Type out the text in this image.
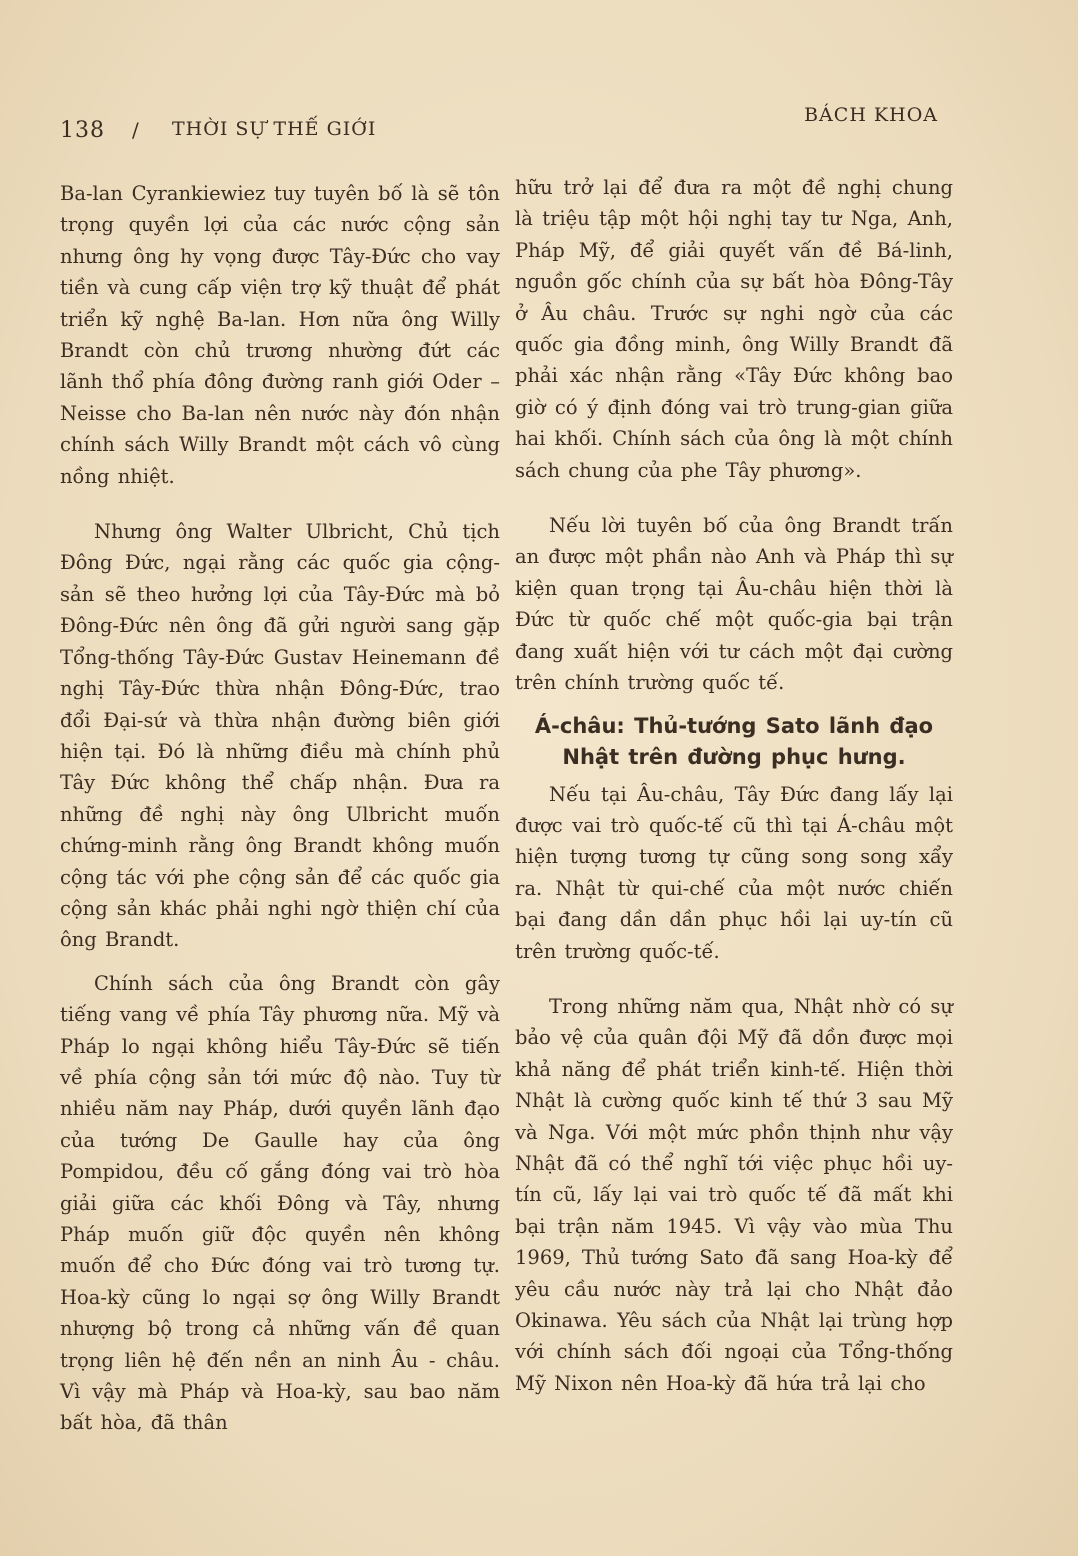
138 / THỜI SỰ THẾ GIỚI
BÁCH KHOA

Ba-lan Cyrankiewiez tuy tuyên bố là sẽ tôn trọng quyền lợi của các nước cộng sản nhưng ông hy vọng được Tây-Đức cho vay tiền và cung cấp viện trợ kỹ thuật để phát triển kỹ nghệ Ba-lan. Hơn nữa ông Willy Brandt còn chủ trương nhường đứt các lãnh thổ phía đông đường ranh giới Oder – Neisse cho Ba-lan nên nước này đón nhận chính sách Willy Brandt một cách vô cùng nồng nhiệt.

Nhưng ông Walter Ulbricht, Chủ tịch Đông Đức, ngại rằng các quốc gia cộng-sản sẽ theo hưởng lợi của Tây-Đức mà bỏ Đông-Đức nên ông đã gửi người sang gặp Tổng-thống Tây-Đức Gustav Heinemann đề nghị Tây-Đức thừa nhận Đông-Đức, trao đổi Đại-sứ và thừa nhận đường biên giới hiện tại. Đó là những điều mà chính phủ Tây Đức không thể chấp nhận. Đưa ra những đề nghị này ông Ulbricht muốn chứng-minh rằng ông Brandt không muốn cộng tác với phe cộng sản để các quốc gia cộng sản khác phải nghi ngờ thiện chí của ông Brandt.

Chính sách của ông Brandt còn gây tiếng vang về phía Tây phương nữa. Mỹ và Pháp lo ngại không hiểu Tây-Đức sẽ tiến về phía cộng sản tới mức độ nào. Tuy từ nhiều năm nay Pháp, dưới quyền lãnh đạo của tướng De Gaulle hay của ông Pompidou, đều cố gắng đóng vai trò hòa giải giữa các khối Đông và Tây, nhưng Pháp muốn giữ độc quyền nên không muốn để cho Đức đóng vai trò tương tự. Hoa-kỳ cũng lo ngại sợ ông Willy Brandt nhượng bộ trong cả những vấn đề quan trọng liên hệ đến nền an ninh Âu - châu. Vì vậy mà Pháp và Hoa-kỳ, sau bao năm bất hòa, đã thân

hữu trở lại để đưa ra một đề nghị chung là triệu tập một hội nghị tay tư Nga, Anh, Pháp Mỹ, để giải quyết vấn đề Bá-linh, nguồn gốc chính của sự bất hòa Đông-Tây ở Âu châu. Trước sự nghi ngờ của các quốc gia đồng minh, ông Willy Brandt đã phải xác nhận rằng «Tây Đức không bao giờ có ý định đóng vai trò trung-gian giữa hai khối. Chính sách của ông là một chính sách chung của phe Tây phương».

Nếu lời tuyên bố của ông Brandt trấn an được một phần nào Anh và Pháp thì sự kiện quan trọng tại Âu-châu hiện thời là Đức từ quốc chế một quốc-gia bại trận đang xuất hiện với tư cách một đại cường trên chính trường quốc tế.

Á-châu: Thủ-tướng Sato lãnh đạo
Nhật trên đường phục hưng.

Nếu tại Âu-châu, Tây Đức đang lấy lại được vai trò quốc-tế cũ thì tại Á-châu một hiện tượng tương tự cũng song song xẩy ra. Nhật từ qui-chế của một nước chiến bại đang dần dần phục hồi lại uy-tín cũ trên trường quốc-tế.

Trong những năm qua, Nhật nhờ có sự bảo vệ của quân đội Mỹ đã dồn được mọi khả năng để phát triển kinh-tế. Hiện thời Nhật là cường quốc kinh tế thứ 3 sau Mỹ và Nga. Với một mức phồn thịnh như vậy Nhật đã có thể nghĩ tới việc phục hồi uy-tín cũ, lấy lại vai trò quốc tế đã mất khi bại trận năm 1945. Vì vậy vào mùa Thu 1969, Thủ tướng Sato đã sang Hoa-kỳ để yêu cầu nước này trả lại cho Nhật đảo Okinawa. Yêu sách của Nhật lại trùng hợp với chính sách đối ngoại của Tổng-thống Mỹ Nixon nên Hoa-kỳ đã hứa trả lại cho
